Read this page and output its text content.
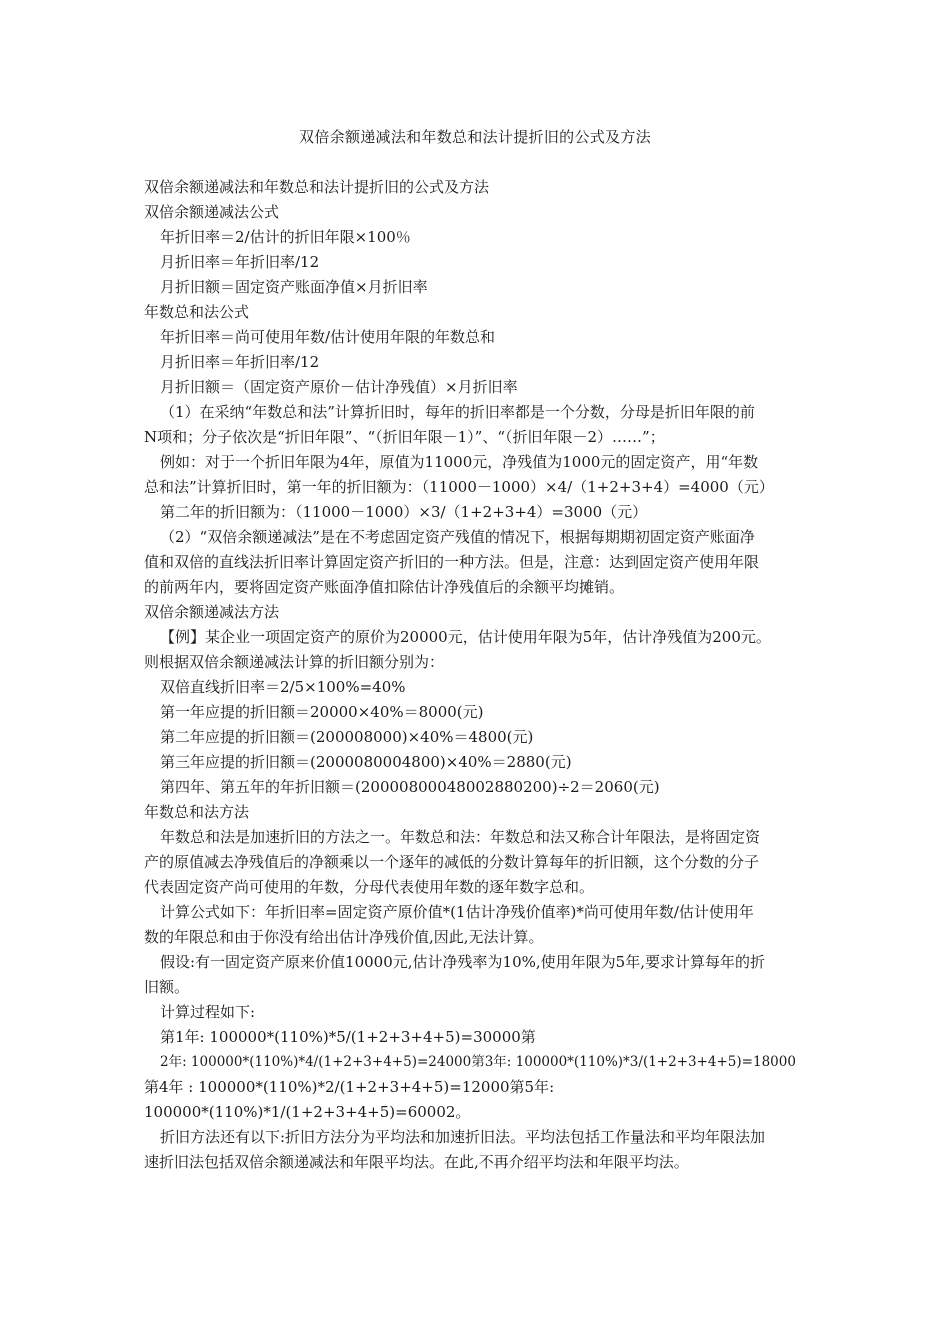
双倍余额递减法和年数总和法计提折旧的公式及方法
双倍余额递减法和年数总和法计提折旧的公式及方法
双倍余额递减法公式
年折旧率＝2/估计的折旧年限×100％
月折旧率＝年折旧率/12
月折旧额＝固定资产账面净值×月折旧率
年数总和法公式
年折旧率＝尚可使用年数/估计使用年限的年数总和
月折旧率＝年折旧率/12
月折旧额＝（固定资产原价－估计净残值）×月折旧率
（1）在采纳“年数总和法”计算折旧时，每年的折旧率都是一个分数，分母是折旧年限的前
N项和；分子依次是“折旧年限”、“（折旧年限－1）”、“（折旧年限－2）……”；
例如：对于一个折旧年限为4年，原值为11000元，净残值为1000元的固定资产，用“年数
总和法”计算折旧时，第一年的折旧额为：（11000－1000）×4/（1+2+3+4）=4000（元）
第二年的折旧额为：（11000－1000）×3/（1+2+3+4）=3000（元）
（2）“双倍余额递减法”是在不考虑固定资产残值的情况下，根据每期期初固定资产账面净
值和双倍的直线法折旧率计算固定资产折旧的一种方法。但是，注意：达到固定资产使用年限
的前两年内，要将固定资产账面净值扣除估计净残值后的余额平均摊销。
双倍余额递减法方法
【例】某企业一项固定资产的原价为20000元，估计使用年限为5年，估计净残值为200元。
则根据双倍余额递减法计算的折旧额分别为：
双倍直线折旧率＝2/5×100%=40%
第一年应提的折旧额＝20000×40%＝8000(元)
第二年应提的折旧额＝(200008000)×40%＝4800(元)
第三年应提的折旧额＝(2000080004800)×40%＝2880(元)
第四年、第五年的年折旧额＝(20000800048002880200)÷2＝2060(元)
年数总和法方法
年数总和法是加速折旧的方法之一。年数总和法：年数总和法又称合计年限法，是将固定资
产的原值减去净残值后的净额乘以一个逐年的减低的分数计算每年的折旧额，这个分数的分子
代表固定资产尚可使用的年数，分母代表使用年数的逐年数字总和。
计算公式如下：年折旧率=固定资产原价值*(1估计净残价值率)*尚可使用年数/估计使用年
数的年限总和由于你没有给出估计净残价值,因此,无法计算。
假设:有一固定资产原来价值10000元,估计净残率为10%,使用年限为5年,要求计算每年的折
旧额。
计算过程如下:
第1年: 100000*(110%)*5/(1+2+3+4+5)=30000第
2年: 100000*(110%)*4/(1+2+3+4+5)=24000第3年: 100000*(110%)*3/(1+2+3+4+5)=18000
第4年 : 100000*(110%)*2/(1+2+3+4+5)=12000第5年:
100000*(110%)*1/(1+2+3+4+5)=60002。
折旧方法还有以下:折旧方法分为平均法和加速折旧法。平均法包括工作量法和平均年限法加
速折旧法包括双倍余额递减法和年限平均法。在此,不再介绍平均法和年限平均法。
